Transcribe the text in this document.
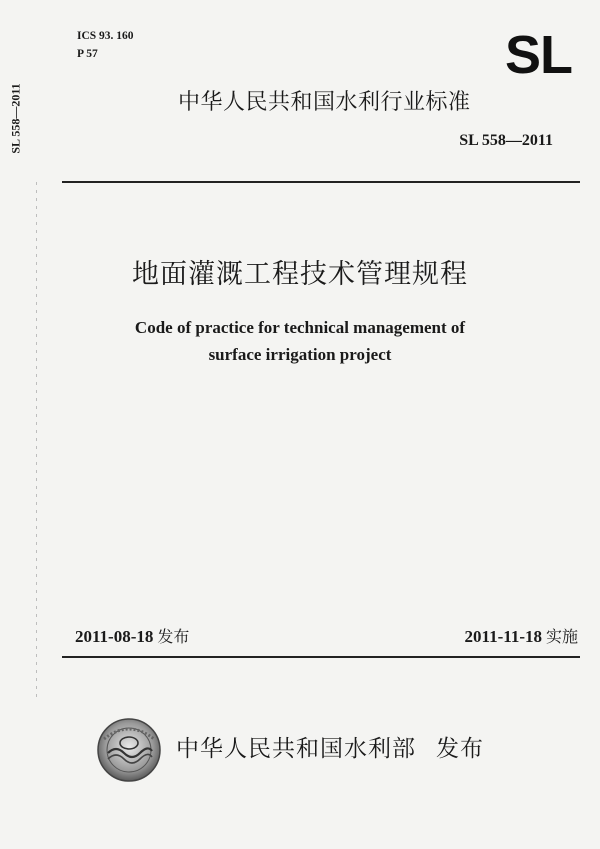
ICS 93. 160
P 57	SL
SL 558—2011	中华人民共和国水利行业标准
SL 558—2011
地面灌溉工程技术管理规程
Code of practice for technical management of
surface irrigation project
2011-08-18 发布	2011-11-18 实施
中华人民共和国水利部 发布
